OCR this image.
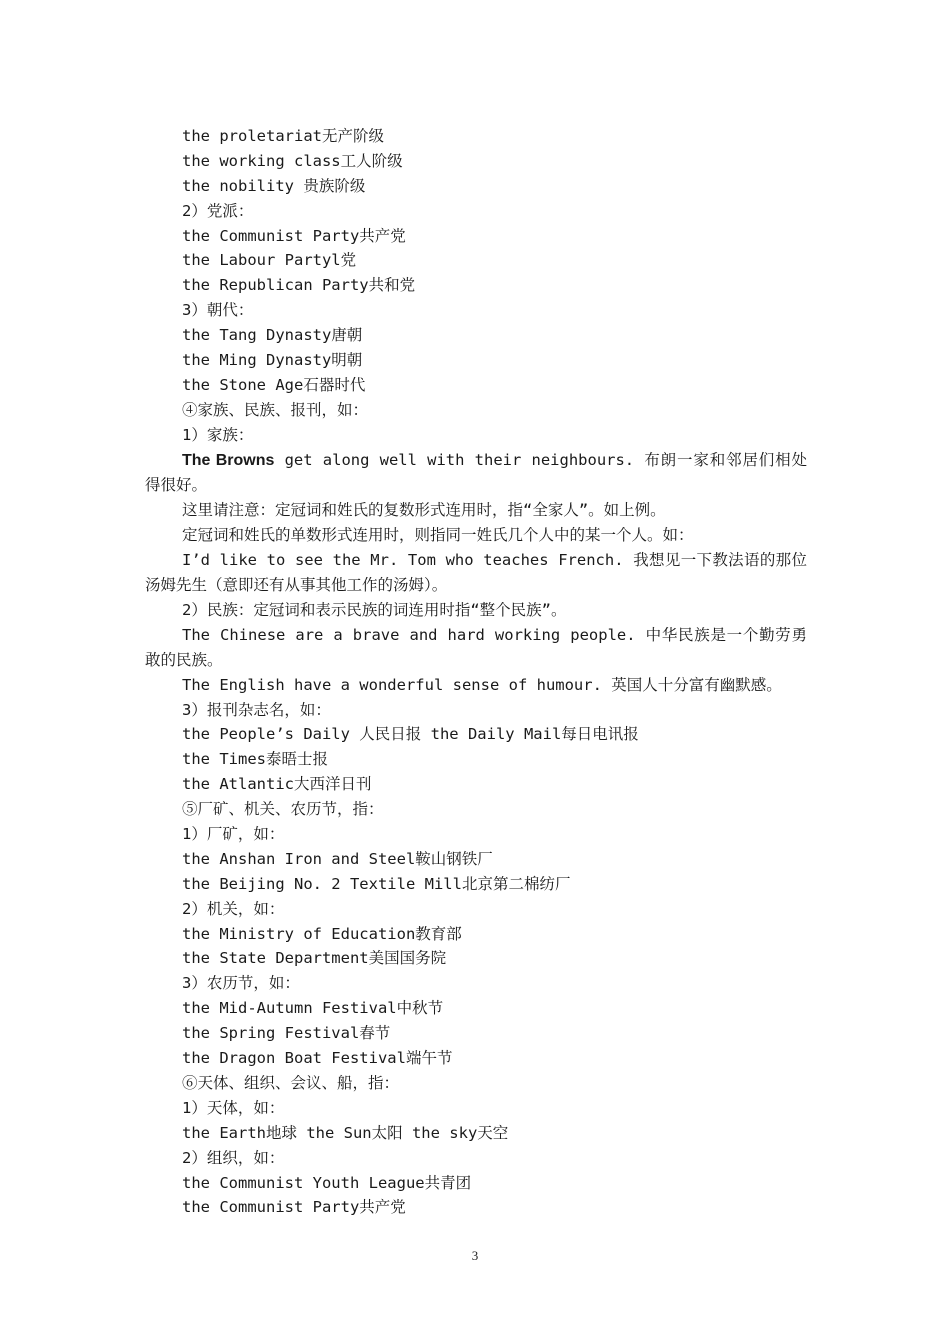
the proletariat无产阶级
the working class工人阶级
the nobility 贵族阶级
2）党派：
the Communist Party共产党
the Labour Partyl党
the Republican Party共和党
3）朝代：
the Tang Dynasty唐朝
the Ming Dynasty明朝
the Stone Age石器时代
④家族、民族、报刊，如：
1）家族：
The Browns get along well with their neighbours. 布朗一家和邻居们相处得很好。
这里请注意：定冠词和姓氏的复数形式连用时，指“全家人”。如上例。
定冠词和姓氏的单数形式连用时，则指同一姓氏几个人中的某一个人。如：
I’d like to see the Mr. Tom who teaches French. 我想见一下教法语的那位汤姆先生（意即还有从事其他工作的汤姆）。
2）民族：定冠词和表示民族的词连用时指“整个民族”。
The Chinese are a brave and hard working people. 中华民族是一个勤劳勇敢的民族。
The English have a wonderful sense of humour. 英国人十分富有幽默感。
3）报刊杂志名，如：
the People’s Daily 人民日报 the Daily Mail每日电讯报
the Times泰晤士报
the Atlantic大西洋日刊
⑤厂矿、机关、农历节，指：
1）厂矿，如：
the Anshan Iron and Steel鞍山钢铁厂
the Beijing No. 2 Textile Mill北京第二棉纺厂
2）机关，如：
the Ministry of Education教育部
the State Department美国国务院
3）农历节，如：
the Mid-Autumn Festival中秋节
the Spring Festival春节
the Dragon Boat Festival端午节
⑥天体、组织、会议、船，指：
1）天体，如：
the Earth地球 the Sun太阳 the sky天空
2）组织，如：
the Communist Youth League共青团
the Communist Party共产党
3
